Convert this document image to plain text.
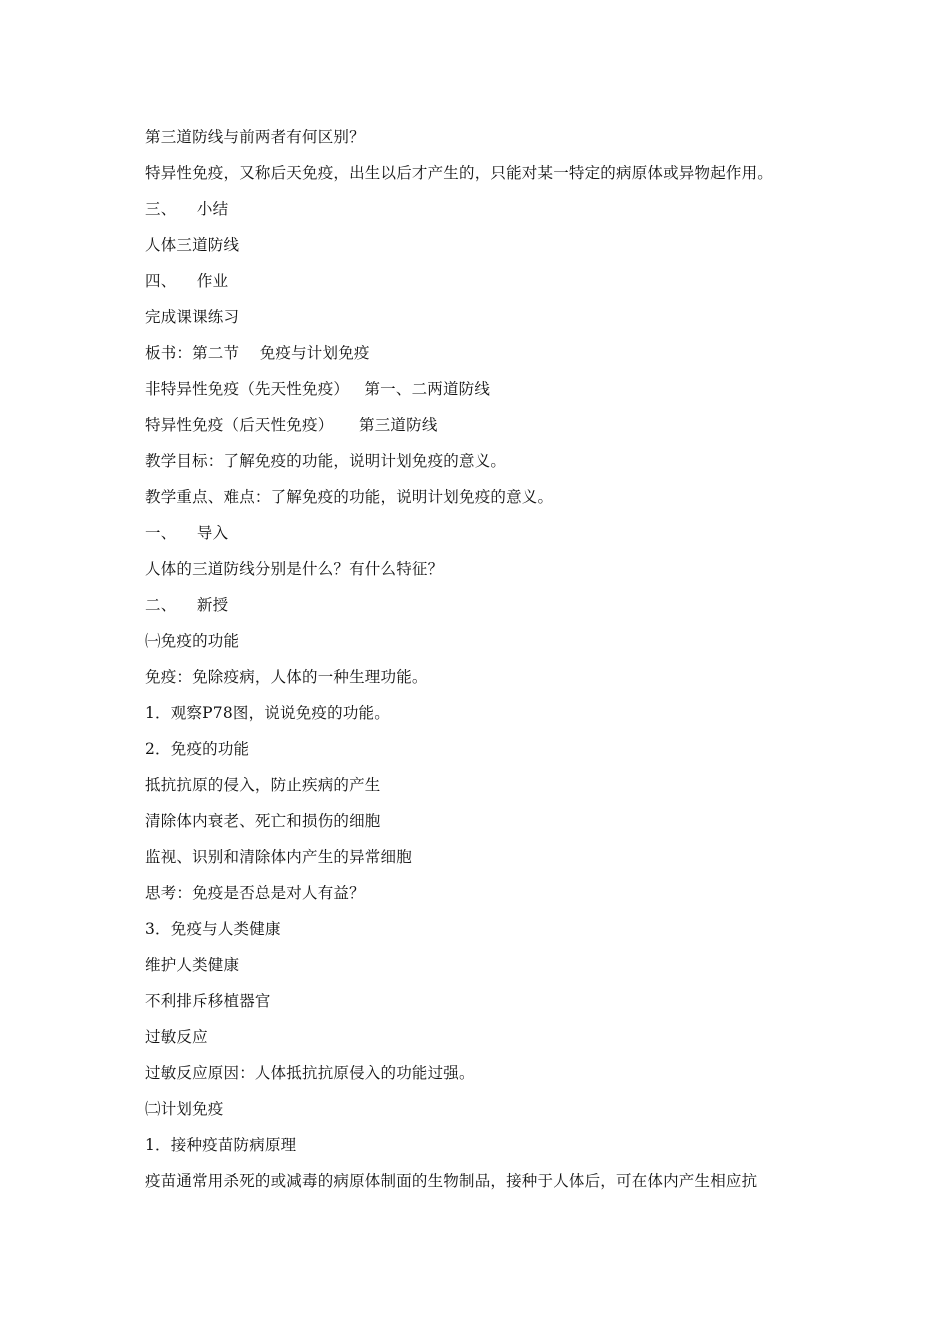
第三道防线与前两者有何区别？
特异性免疫，又称后天免疫，出生以后才产生的，只能对某一特定的病原体或异物起作用。
三、    小结
人体三道防线
四、    作业
完成课课练习
板书：第二节    免疫与计划免疫
非特异性免疫（先天性免疫）   第一、二两道防线
特异性免疫（后天性免疫）     第三道防线
教学目标：了解免疫的功能，说明计划免疫的意义。
教学重点、难点：了解免疫的功能，说明计划免疫的意义。
一、    导入
人体的三道防线分别是什么？有什么特征？
二、    新授
㈠免疫的功能
免疫：免除疫病，人体的一种生理功能。
1．观察P78图，说说免疫的功能。
2．免疫的功能
抵抗抗原的侵入，防止疾病的产生
清除体内衰老、死亡和损伤的细胞
监视、识别和清除体内产生的异常细胞
思考：免疫是否总是对人有益？
3．免疫与人类健康
维护人类健康
不利排斥移植器官
过敏反应
过敏反应原因：人体抵抗抗原侵入的功能过强。
㈡计划免疫
1．接种疫苗防病原理
疫苗通常用杀死的或减毒的病原体制面的生物制品，接种于人体后，可在体内产生相应抗
